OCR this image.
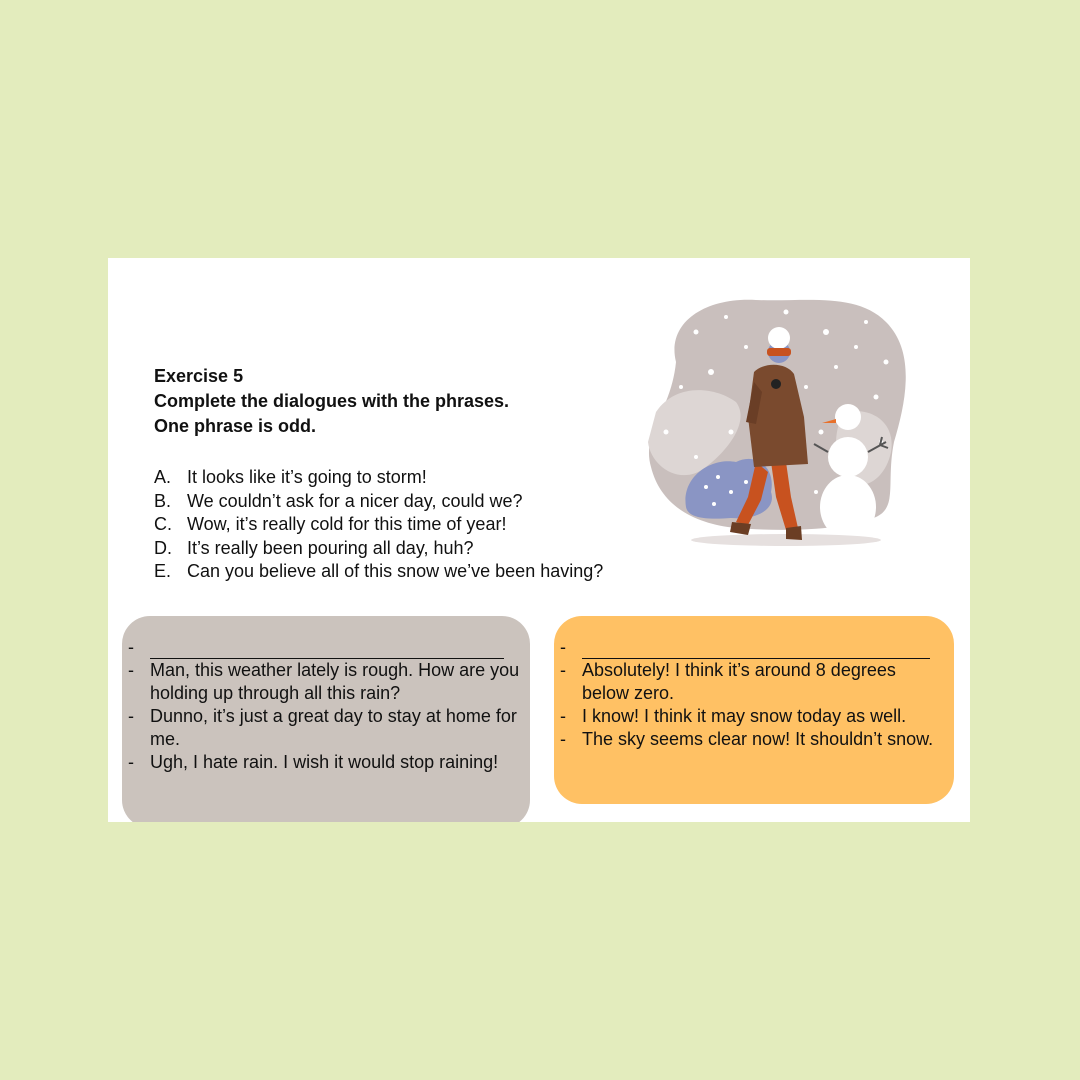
Exercise 5
Complete the dialogues with the phrases.
One phrase is odd.
A. It looks like it’s going to storm!
B. We couldn’t ask for a nicer day, could we?
C. Wow, it’s really cold for this time of year!
D. It’s really been pouring all day, huh?
E. Can you believe all of this snow we’ve been having?
-
- Man, this weather lately is rough. How are you holding up through all this rain?
- Dunno, it’s just a great day to stay at home for me.
- Ugh, I hate rain. I wish it would stop raining!
-
- Absolutely! I think it’s around 8 degrees below zero.
- I know! I think it may snow today as well.
- The sky seems clear now! It shouldn’t snow.
